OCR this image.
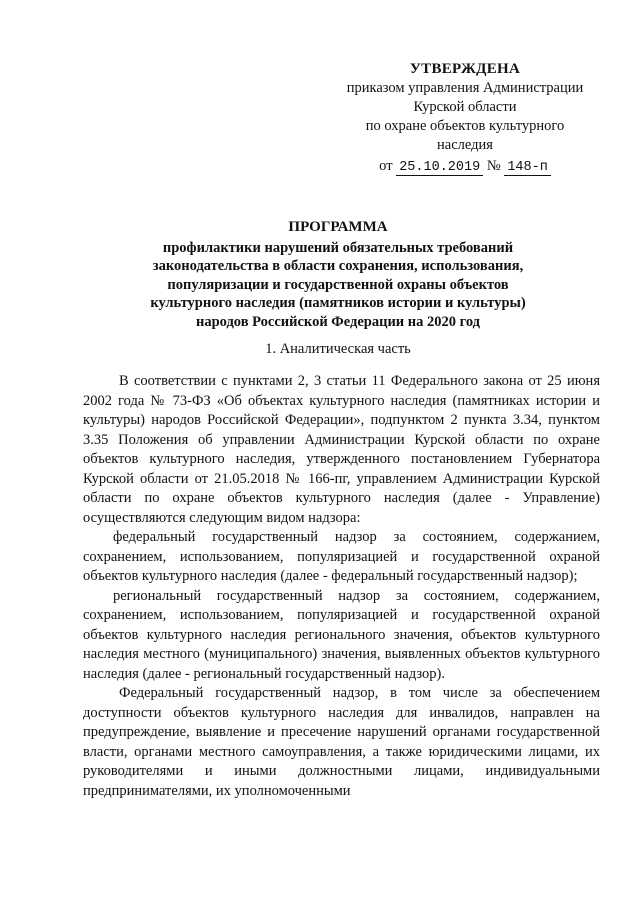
УТВЕРЖДЕНА
приказом управления Администрации
Курской области
по охране объектов культурного
наследия
от 25.10.2019 № 148-п
ПРОГРАММА
профилактики нарушений обязательных требований
законодательства в области сохранения, использования,
популяризации и государственной охраны объектов
культурного наследия (памятников истории и культуры)
народов Российской Федерации на 2020 год
1. Аналитическая часть

В соответствии с пунктами 2, 3 статьи 11 Федерального закона от 25 июня 2002 года № 73-ФЗ «Об объектах культурного наследия (памятниках истории и культуры) народов Российской Федерации», подпунктом 2 пункта 3.34, пунктом 3.35 Положения об управлении Администрации Курской области по охране объектов культурного наследия, утвержденного постановлением Губернатора Курской области от 21.05.2018 № 166-пг, управлением Администрации Курской области по охране объектов культурного наследия (далее - Управление) осуществляются следующим видом надзора:

федеральный государственный надзор за состоянием, содержанием, сохранением, использованием, популяризацией и государственной охраной объектов культурного наследия (далее - федеральный государственный надзор);

региональный государственный надзор за состоянием, содержанием, сохранением, использованием, популяризацией и государственной охраной объектов культурного наследия регионального значения, объектов культурного наследия местного (муниципального) значения, выявленных объектов культурного наследия (далее - региональный государственный надзор).

Федеральный государственный надзор, в том числе за обеспечением доступности объектов культурного наследия для инвалидов, направлен на предупреждение, выявление и пресечение нарушений органами государственной власти, органами местного самоуправления, а также юридическими лицами, их руководителями и иными должностными лицами, индивидуальными предпринимателями, их уполномоченными
